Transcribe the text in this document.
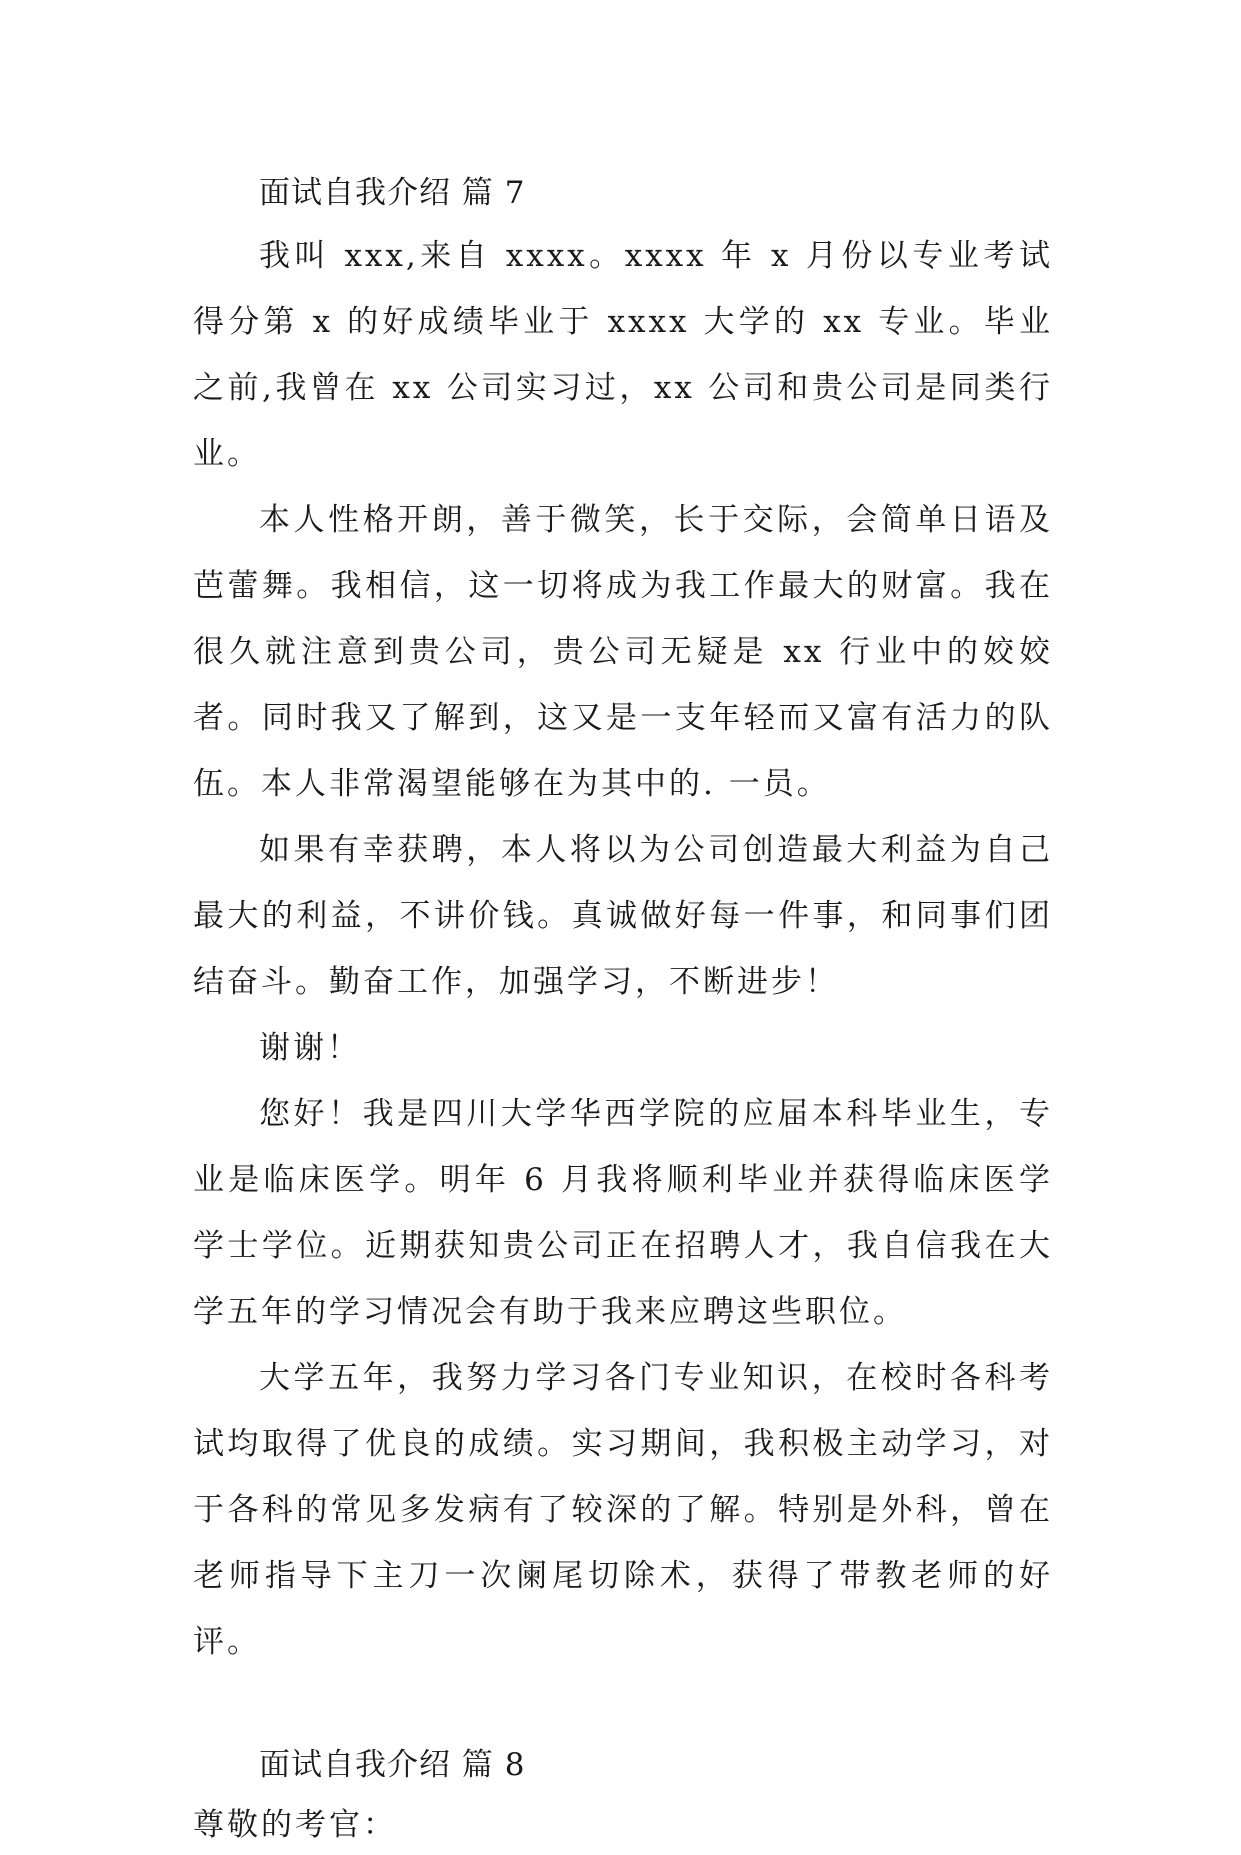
面试自我介绍 篇 7

我叫 xxx,来自 xxxx。xxxx 年 x 月份以专业考试得分第 x 的好成绩毕业于 xxxx 大学的 xx 专业。毕业之前,我曾在 xx 公司实习过，xx 公司和贵公司是同类行业。

本人性格开朗，善于微笑，长于交际，会简单日语及芭蕾舞。我相信，这一切将成为我工作最大的财富。我在很久就注意到贵公司，贵公司无疑是 xx 行业中的姣姣者。同时我又了解到，这又是一支年轻而又富有活力的队伍。本人非常渴望能够在为其中的. 一员。

如果有幸获聘，本人将以为公司创造最大利益为自己最大的利益，不讲价钱。真诚做好每一件事，和同事们团结奋斗。勤奋工作，加强学习，不断进步！

谢谢！

您好！我是四川大学华西学院的应届本科毕业生，专业是临床医学。明年 6 月我将顺利毕业并获得临床医学学士学位。近期获知贵公司正在招聘人才，我自信我在大学五年的学习情况会有助于我来应聘这些职位。

大学五年，我努力学习各门专业知识，在校时各科考试均取得了优良的成绩。实习期间，我积极主动学习，对于各科的常见多发病有了较深的了解。特别是外科，曾在老师指导下主刀一次阑尾切除术，获得了带教老师的好评。

面试自我介绍 篇 8

尊敬的考官：
